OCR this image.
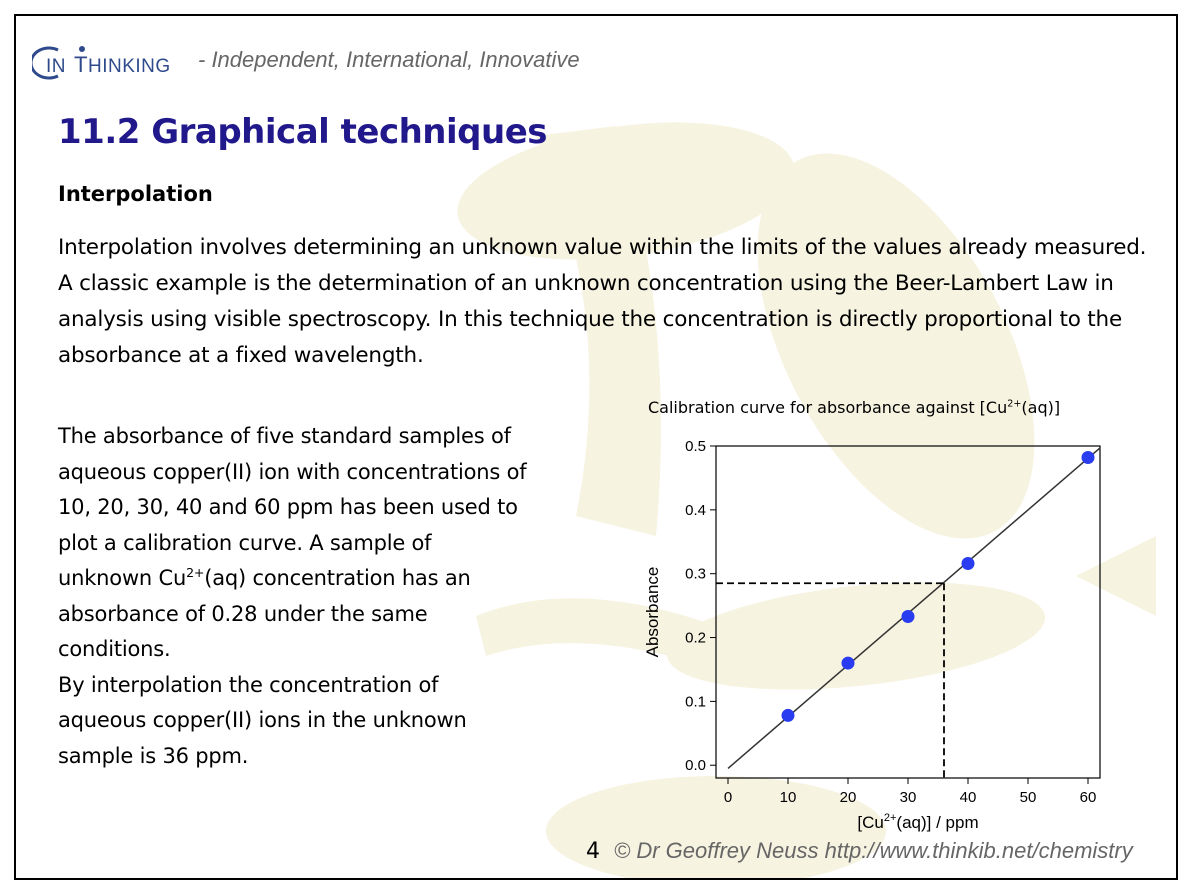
IN T HINKING - Independent, International, Innovative
11.2 Graphical techniques
Interpolation

Interpolation involves determining an unknown value within the limits of the values already measured. A classic example is the determination of an unknown concentration using the Beer-Lambert Law in analysis using visible spectroscopy. In this technique the concentration is directly proportional to the absorbance at a fixed wavelength.

The absorbance of five standard samples of aqueous copper(II) ion with concentrations of 10, 20, 30, 40 and 60 ppm has been used to plot a calibration curve. A sample of unknown $Cu^{2+}(aq)$ concentration has an absorbance of 0.28 under the same conditions.
By interpolation the concentration of aqueous copper(II) ions in the unknown sample is 36 ppm.

Calibration curve for absorbance against $[Cu^{2+}(aq)]$
0.0
0.1
0.2
0.3
0.4
0.5
0	10	20	30	40	50	60
Absorbance
$[Cu^{2+}(aq)]$ / ppm
4 © Dr Geoffrey Neuss http://www.thinkib.net/chemistry
